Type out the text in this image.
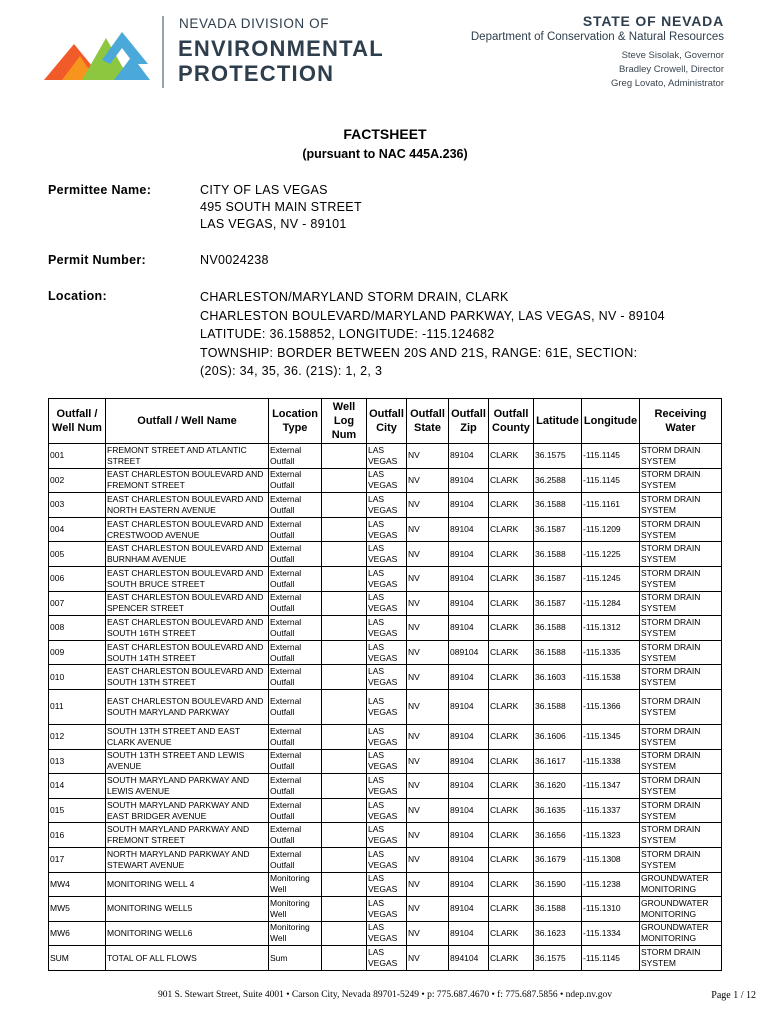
NEVADA DIVISION OF
ENVIRONMENTAL
PROTECTION
STATE OF NEVADA
Department of Conservation & Natural Resources
Steve Sisolak, Governor
Bradley Crowell, Director
Greg Lovato, Administrator
FACTSHEET
(pursuant to NAC 445A.236)
Permittee Name:	CITY OF LAS VEGAS
495 SOUTH MAIN STREET
LAS VEGAS, NV - 89101
Permit Number:	NV0024238
Location:	CHARLESTON/MARYLAND STORM DRAIN, CLARK
CHARLESTON BOULEVARD/MARYLAND PARKWAY, LAS VEGAS, NV - 89104
LATITUDE: 36.158852, LONGITUDE: -115.124682
TOWNSHIP: BORDER BETWEEN 20S AND 21S, RANGE: 61E, SECTION:
(20S): 34, 35, 36. (21S): 1, 2, 3
Outfall / Well Num	Outfall / Well Name	Location Type	Well Log Num	Outfall City	Outfall State	Outfall Zip	Outfall County	Latitude	Longitude	Receiving Water
001	FREMONT STREET AND ATLANTIC STREET	External Outfall		LAS VEGAS	NV	89104	CLARK	36.1575	-115.1145	STORM DRAIN SYSTEM
002	EAST CHARLESTON BOULEVARD AND FREMONT STREET	External Outfall		LAS VEGAS	NV	89104	CLARK	36.2588	-115.1145	STORM DRAIN SYSTEM
003	EAST CHARLESTON BOULEVARD AND NORTH EASTERN AVENUE	External Outfall		LAS VEGAS	NV	89104	CLARK	36.1588	-115.1161	STORM DRAIN SYSTEM
004	EAST CHARLESTON BOULEVARD AND CRESTWOOD AVENUE	External Outfall		LAS VEGAS	NV	89104	CLARK	36.1587	-115.1209	STORM DRAIN SYSTEM
005	EAST CHARLESTON BOULEVARD AND BURNHAM AVENUE	External Outfall		LAS VEGAS	NV	89104	CLARK	36.1588	-115.1225	STORM DRAIN SYSTEM
006	EAST CHARLESTON BOULEVARD AND SOUTH BRUCE STREET	External Outfall		LAS VEGAS	NV	89104	CLARK	36.1587	-115.1245	STORM DRAIN SYSTEM
007	EAST CHARLESTON BOULEVARD AND SPENCER STREET	External Outfall		LAS VEGAS	NV	89104	CLARK	36.1587	-115.1284	STORM DRAIN SYSTEM
008	EAST CHARLESTON BOULEVARD AND SOUTH 16TH STREET	External Outfall		LAS VEGAS	NV	89104	CLARK	36.1588	-115.1312	STORM DRAIN SYSTEM
009	EAST CHARLESTON BOULEVARD AND SOUTH 14TH STREET	External Outfall		LAS VEGAS	NV	089104	CLARK	36.1588	-115.1335	STORM DRAIN SYSTEM
010	EAST CHARLESTON BOULEVARD AND SOUTH 13TH STREET	External Outfall		LAS VEGAS	NV	89104	CLARK	36.1603	-115.1538	STORM DRAIN SYSTEM
011	EAST CHARLESTON BOULEVARD AND SOUTH MARYLAND PARKWAY	External Outfall		LAS VEGAS	NV	89104	CLARK	36.1588	-115.1366	STORM DRAIN SYSTEM
012	SOUTH 13TH STREET AND EAST CLARK AVENUE	External Outfall		LAS VEGAS	NV	89104	CLARK	36.1606	-115.1345	STORM DRAIN SYSTEM
013	SOUTH 13TH STREET AND LEWIS AVENUE	External Outfall		LAS VEGAS	NV	89104	CLARK	36.1617	-115.1338	STORM DRAIN SYSTEM
014	SOUTH MARYLAND PARKWAY AND LEWIS AVENUE	External Outfall		LAS VEGAS	NV	89104	CLARK	36.1620	-115.1347	STORM DRAIN SYSTEM
015	SOUTH MARYLAND PARKWAY AND EAST BRIDGER AVENUE	External Outfall		LAS VEGAS	NV	89104	CLARK	36.1635	-115.1337	STORM DRAIN SYSTEM
016	SOUTH MARYLAND PARKWAY AND FREMONT STREET	External Outfall		LAS VEGAS	NV	89104	CLARK	36.1656	-115.1323	STORM DRAIN SYSTEM
017	NORTH MARYLAND PARKWAY AND STEWART AVENUE	External Outfall		LAS VEGAS	NV	89104	CLARK	36.1679	-115.1308	STORM DRAIN SYSTEM
MW4	MONITORING WELL 4	Monitoring Well		LAS VEGAS	NV	89104	CLARK	36.1590	-115.1238	GROUNDWATER MONITORING
MW5	MONITORING WELL5	Monitoring Well		LAS VEGAS	NV	89104	CLARK	36.1588	-115.1310	GROUNDWATER MONITORING
MW6	MONITORING WELL6	Monitoring Well		LAS VEGAS	NV	89104	CLARK	36.1623	-115.1334	GROUNDWATER MONITORING
SUM	TOTAL OF ALL FLOWS	Sum		LAS VEGAS	NV	894104	CLARK	36.1575	-115.1145	STORM DRAIN SYSTEM
901 S. Stewart Street, Suite 4001 • Carson City, Nevada 89701-5249 • p: 775.687.4670 • f: 775.687.5856 • ndep.nv.gov	Page 1 / 12
